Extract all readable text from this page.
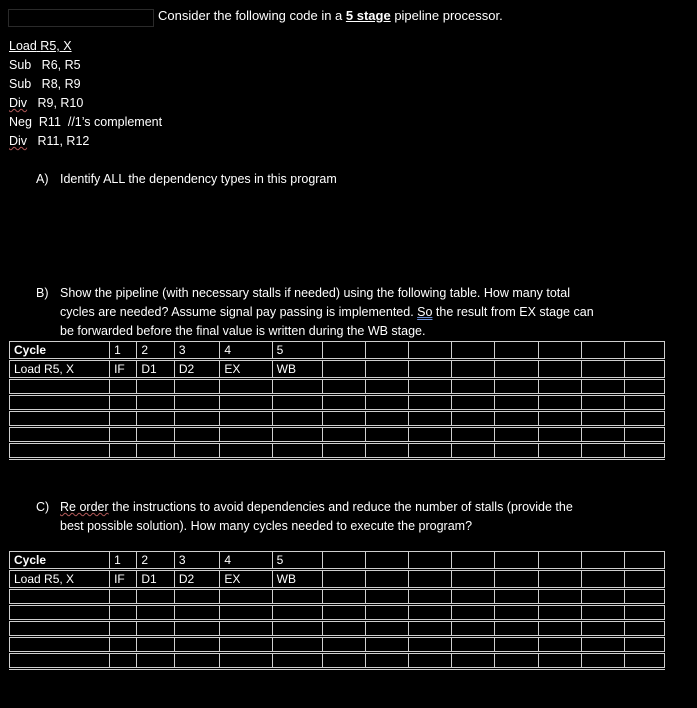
Consider the following code in a 5 stage pipeline processor.
Load R5, X
Sub R6, R5
Sub R8, R9
Div R9, R10
Neg R11  //1’s complement
Div R11, R12
A) Identify ALL the dependency types in this program
B) Show the pipeline (with necessary stalls if needed) using the following table. How many total
cycles are needed? Assume signal pay passing is implemented. So the result from EX stage can
be forwarded before the final value is written during the WB stage.
Cycle	1	2	3	4	5								
Load R5, X	IF	D1	D2	EX	WB								

C) Re order the instructions to avoid dependencies and reduce the number of stalls (provide the
best possible solution). How many cycles needed to execute the program?
Cycle	1	2	3	4	5								
Load R5, X	IF	D1	D2	EX	WB								
